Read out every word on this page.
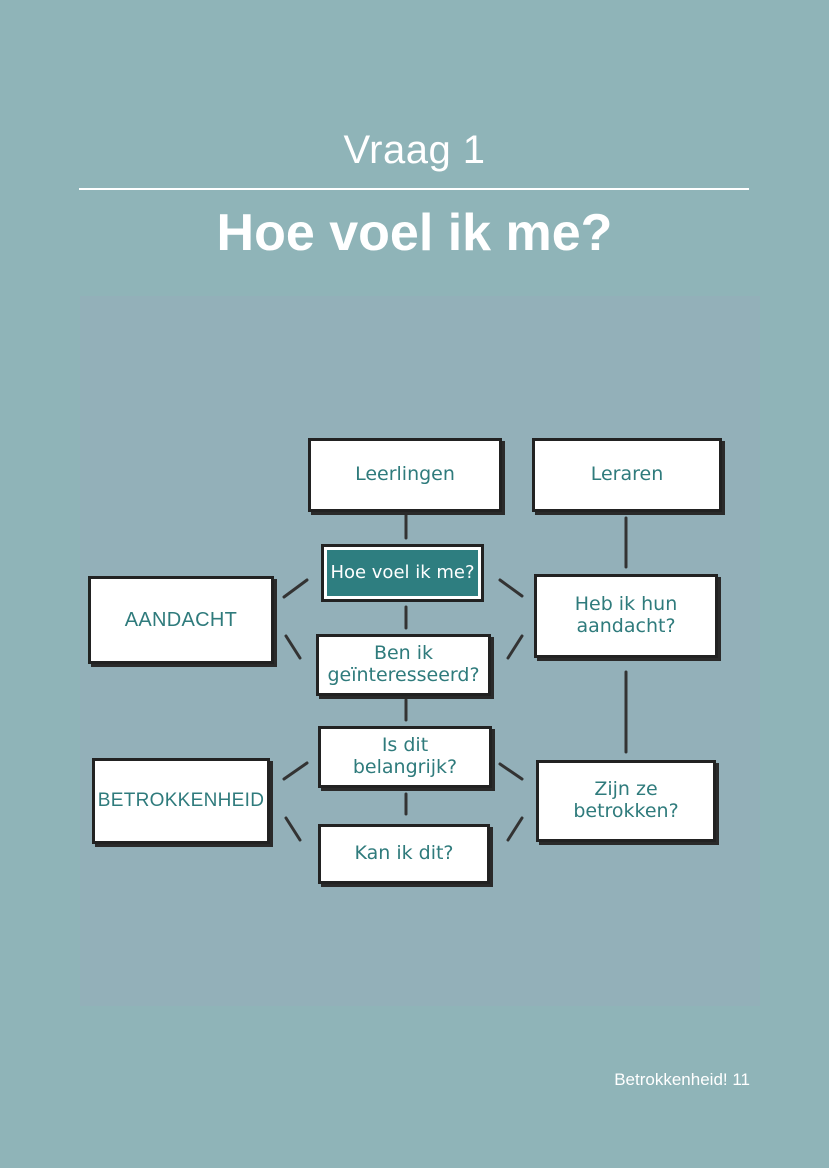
Vraag 1
Hoe voel ik me?
Leerlingen	Leraren
Hoe voel ik me?
Ben ik
geïnteresseerd?
Is dit
belangrijk?
Kan ik dit?
AANDACHT
BETROKKENHEID
Heb ik hun
aandacht?
Zijn ze
betrokken?
Betrokkenheid! 11
